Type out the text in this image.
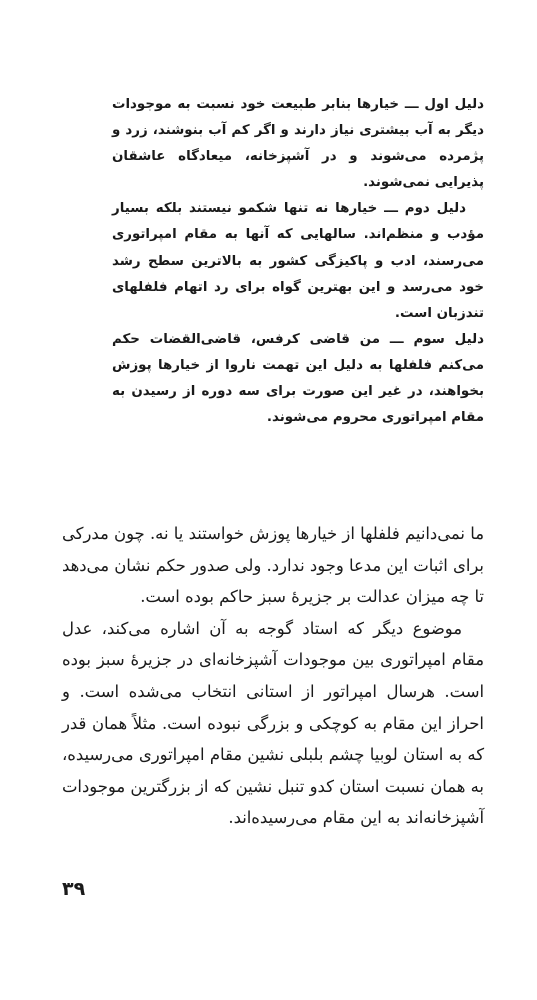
دلیل اول ـــ خیارها بنابر طبیعت خود نسبت به موجودات دیگر به آب بیشتری نیاز دارند و اگر کم آب بنوشند، زرد و پژمرده می‌شوند و در آشپزخانه، میعادگاه عاشقان پذیرایی نمی‌شوند.

دلیل دوم ـــ خیارها نه تنها شکمو نیستند بلکه بسیار مؤدب و منظم‌اند. سالهایی که آنها به مقام امپراتوری می‌رسند، ادب و پاکیزگی کشور به بالاترین سطح رشد خود می‌رسد و این بهترین گواه برای رد اتهام فلفلهای تندزبان است.

دلیل سوم ـــ من قاضی کرفس، قاضی‌القضات حکم می‌کنم فلفلها به دلیل این تهمت ناروا از خیارها پوزش بخواهند، در غیر این صورت برای سه دوره از رسیدن به مقام امپراتوری محروم می‌شوند.

ما نمی‌دانیم فلفلها از خیارها پوزش خواستند یا نه. چون مدرکی برای اثبات این مدعا وجود ندارد. ولی صدور حکم نشان می‌دهد تا چه میزان عدالت بر جزیرهٔ سبز حاکم بوده است.

موضوع دیگر که استاد گوجه به آن اشاره می‌کند، عدل مقام امپراتوری بین موجودات آشپزخانه‌ای در جزیرهٔ سبز بوده است. هرسال امپراتور از استانی انتخاب می‌شده است. و احراز این مقام به کوچکی و بزرگی نبوده است. مثلاً همان قدر که به استان لوبیا چشم بلبلی نشین مقام امپراتوری می‌رسیده، به همان نسبت استان کدو تنبل نشین که از بزرگترین موجودات آشپزخانه‌اند به این مقام می‌رسیده‌اند.

۳۹
